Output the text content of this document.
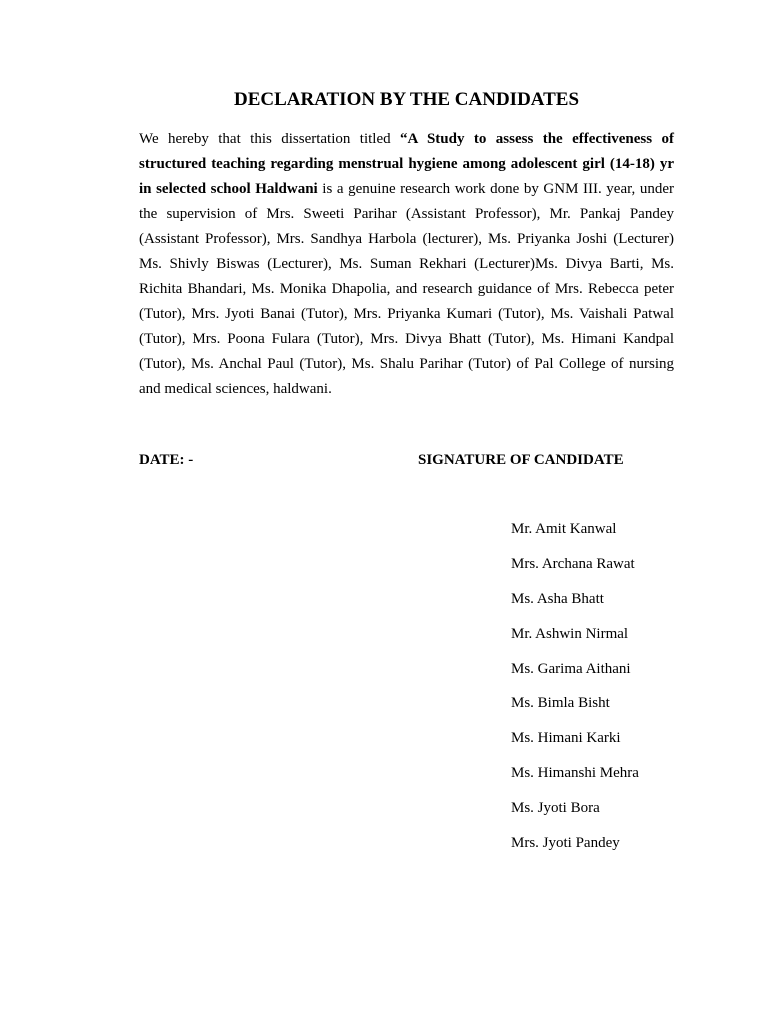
DECLARATION BY THE CANDIDATES

We hereby that this dissertation titled “A Study to assess the effectiveness of structured teaching regarding menstrual hygiene among adolescent girl (14-18) yr in selected school Haldwani is a genuine research work done by GNM III. year, under the supervision of Mrs. Sweeti Parihar (Assistant Professor), Mr. Pankaj Pandey (Assistant Professor), Mrs. Sandhya Harbola (lecturer), Ms. Priyanka Joshi (Lecturer) Ms. Shivly Biswas (Lecturer), Ms. Suman Rekhari (Lecturer)Ms. Divya Barti, Ms. Richita Bhandari, Ms. Monika Dhapolia, and research guidance of Mrs. Rebecca peter (Tutor), Mrs. Jyoti Banai (Tutor), Mrs. Priyanka Kumari (Tutor), Ms. Vaishali Patwal (Tutor), Mrs. Poona Fulara (Tutor), Mrs. Divya Bhatt (Tutor), Ms. Himani Kandpal (Tutor), Ms. Anchal Paul (Tutor), Ms. Shalu Parihar (Tutor) of Pal College of nursing and medical sciences, haldwani.

DATE: -	SIGNATURE OF CANDIDATE
Mr. Amit Kanwal
Mrs. Archana Rawat
Ms. Asha Bhatt
Mr. Ashwin Nirmal
Ms. Garima Aithani
Ms. Bimla Bisht
Ms. Himani Karki
Ms. Himanshi Mehra
Ms. Jyoti Bora
Mrs. Jyoti Pandey
